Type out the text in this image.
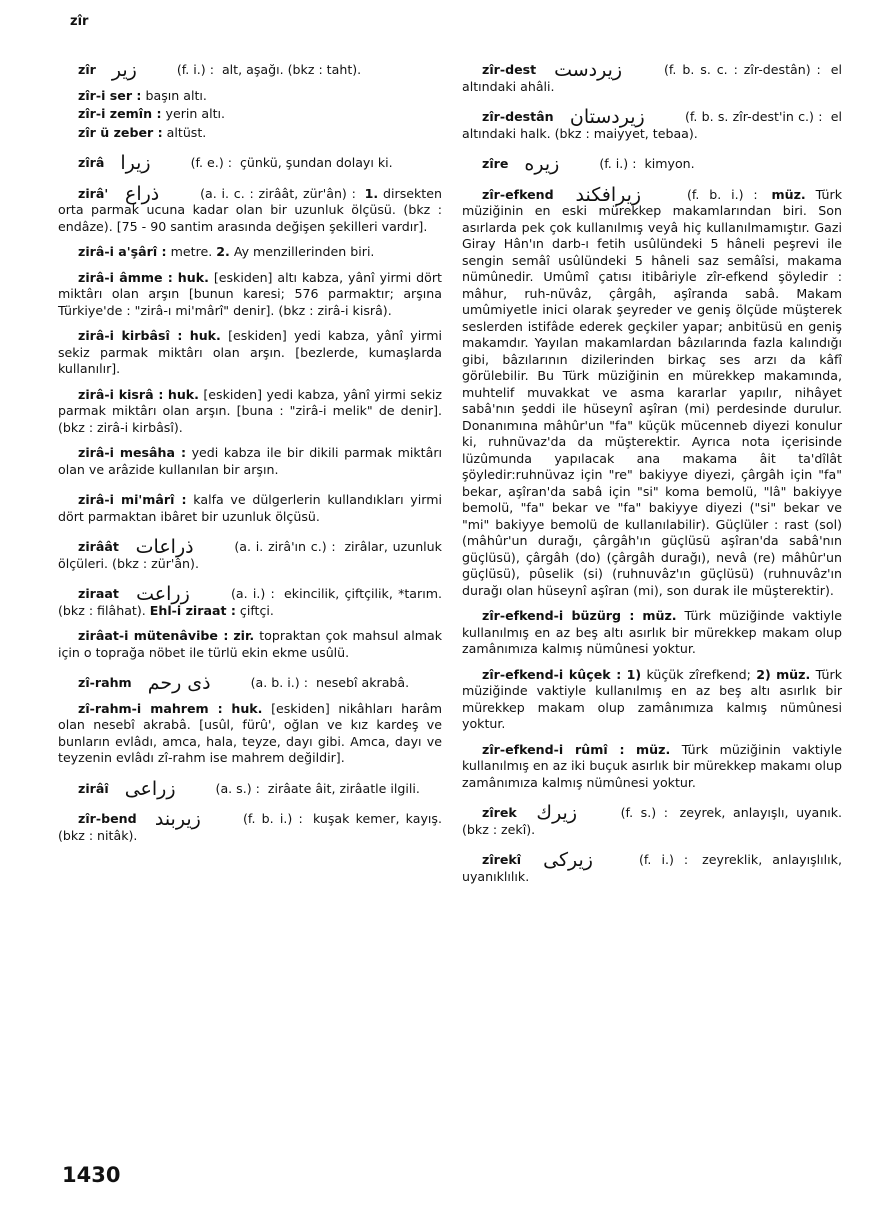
zîr

zîr زیر	(f. i.) : alt, aşağı. (bkz : taht).

zîr-i ser : başın altı.

zîr-i zemîn : yerin altı.

zîr ü zeber : altüst.

zîrâ زیرا	(f. e.) : çünkü, şundan dolayı ki.

zirâ' ذراع	(a. i. c. : zirâât, zür'ân) : 1. dirsekten orta parmak ucuna kadar olan bir uzunluk ölçüsü. (bkz : endâze). [75 - 90 santim arasında değişen şekilleri vardır].

zirâ-i a'şârî : metre. 2. Ay menzillerinden biri.

zirâ-i âmme : huk. [eskiden] altı kabza, yânî yirmi dört miktârı olan arşın [bunun karesi; 576 parmaktır; arşına Türkiye'de : "zirâ-ı mi'mârî" denir]. (bkz : zirâ-i kisrâ).

zirâ-i kirbâsî : huk. [eskiden] yedi kabza, yânî yirmi sekiz parmak miktârı olan arşın. [bezlerde, kumaşlarda kullanılır].

zirâ-i kisrâ : huk. [eskiden] yedi kabza, yânî yirmi sekiz parmak miktârı olan arşın. [buna : "zirâ-i melik" de denir]. (bkz : zirâ-i kirbâsî).

zirâ-i mesâha : yedi kabza ile bir dikili parmak miktârı olan ve arâzide kullanılan bir arşın.

zirâ-i mi'mârî : kalfa ve dülgerlerin kullandıkları yirmi dört parmaktan ibâret bir uzunluk ölçüsü.

zirâât ذراعات	(a. i. zirâ'ın c.) : zirâlar, uzunluk ölçüleri. (bkz : zür'ân).

ziraat زراعت	(a. i.) : ekincilik, çiftçilik, *tarım. (bkz : filâhat). Ehl-i ziraat : çiftçi.

zirâat-i mütenâvibe : zir. topraktan çok mahsul almak için o toprağa nöbet ile türlü ekin ekme usûlü.

zî-rahm ذی رحم	(a. b. i.) : nesebî akrabâ.

zî-rahm-i mahrem : huk. [eskiden] nikâhları harâm olan nesebî akrabâ. [usûl, fürû', oğlan ve kız kardeş ve bunların evlâdı, amca, hala, teyze, dayı gibi. Amca, dayı ve teyzenin evlâdı zî-rahm ise mahrem değildir].

zirâî زراعی	(a. s.) : zirâate âit, zirâatle ilgili.

zîr-bend زیربند	(f. b. i.) : kuşak kemer, kayış. (bkz : nitâk).

zîr-dest زیردست	(f. b. s. c. : zîr-destân) : el altındaki ahâli.

zîr-destân زیردستان	(f. b. s. zîr-dest'in c.) : el altındaki halk. (bkz : maiyyet, tebaa).

zîre زیره	(f. i.) : kimyon.

zîr-efkend زیرافکند	(f. b. i.) : müz. Türk müziğinin en eski mürekkep makamlarından biri. Son asırlarda pek çok kullanılmış veyâ hiç kullanılmamıştır. Gazi Giray Hân'ın darb-ı fetih usûlündeki 5 hâneli peşrevi ile sengin semâî usûlündeki 5 hâneli saz semâîsi, makama nümûnedir. Umûmî çatısı itibâriyle zîr-efkend şöyledir : mâhur, ruh-nüvâz, çârgâh, aşîranda sabâ. Makam umûmiyetle inici olarak şeyreder ve geniş ölçüde müşterek seslerden istifâde ederek geçkiler yapar; anbitüsü en geniş makamdır. Yayılan makamlardan bâzılarında fazla kalındığı gibi, bâzılarının dizilerinden birkaç ses arzı da kâfî görülebilir. Bu Türk müziğinin en mürekkep makamında, muhtelif muvakkat ve asma kararlar yapılır, nihâyet sabâ'nın şeddi ile hüseynî aşîran (mi) perdesinde durulur. Donanımına mâhûr'un "fa" küçük mücenneb diyezi konulur ki, ruhnüvaz'da da müşterektir. Ayrıca nota içerisinde lüzûmunda yapılacak ana makama âit ta'dîlât şöyledir:ruhnüvaz için "re" bakiyye diyezi, çârgâh için "fa" bekar, aşîran'da sabâ için "si" koma bemolü, "lâ" bakiyye bemolü, "fa" bekar ve "fa" bakiyye diyezi ("si" bekar ve "mi" bakiyye bemolü de kullanılabilir). Güçlüler : rast (sol) (mâhûr'un durağı, çârgâh'ın güçlüsü aşîran'da sabâ'nın güçlüsü), çârgâh (do) (çârgâh durağı), nevâ (re) mâhûr'un güçlüsü), pûselik (si) (ruhnuvâz'ın güçlüsü) (ruhnuvâz'ın durağı olan hüseynî aşîran (mi), son durak ile müşterektir).

zîr-efkend-i büzürg : müz. Türk müziğinde vaktiyle kullanılmış en az beş altı asırlık bir mürekkep makam olup zamânımıza kalmış nümûnesi yoktur.

zîr-efkend-i kûçek : 1) küçük zîrefkend; 2) müz. Türk müziğinde vaktiyle kullanılmış en az beş altı asırlık bir mürekkep makam olup zamânımıza kalmış nümûnesi yoktur.

zîr-efkend-i rûmî : müz. Türk müziğinin vaktiyle kullanılmış en az iki buçuk asırlık bir mürekkep makamı olup zamânımıza kalmış nümûnesi yoktur.

zîrek زیرك	(f. s.) : zeyrek, anlayışlı, uyanık. (bkz : zekî).

zîrekî زیرکی	(f. i.) : zeyreklik, anlayışlılık, uyanıklılık.

1430
